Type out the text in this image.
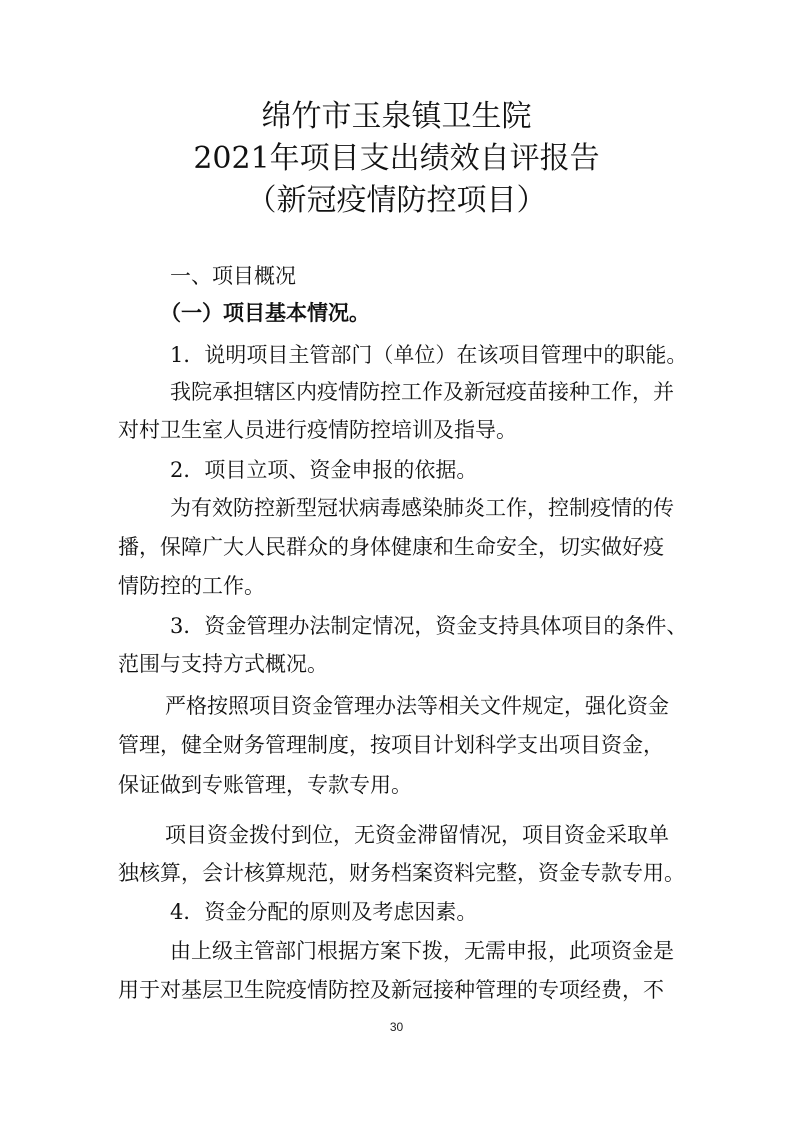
绵竹市玉泉镇卫生院
2021年项目支出绩效自评报告
（新冠疫情防控项目）
一、项目概况
（一）项目基本情况。
1．说明项目主管部门（单位）在该项目管理中的职能。
我院承担辖区内疫情防控工作及新冠疫苗接种工作，并
对村卫生室人员进行疫情防控培训及指导。
2．项目立项、资金申报的依据。
为有效防控新型冠状病毒感染肺炎工作，控制疫情的传
播，保障广大人民群众的身体健康和生命安全，切实做好疫
情防控的工作。
3．资金管理办法制定情况，资金支持具体项目的条件、
范围与支持方式概况。
严格按照项目资金管理办法等相关文件规定，强化资金
管理，健全财务管理制度，按项目计划科学支出项目资金，
保证做到专账管理，专款专用。
项目资金拨付到位，无资金滞留情况，项目资金采取单
独核算，会计核算规范，财务档案资料完整，资金专款专用。
4．资金分配的原则及考虑因素。
由上级主管部门根据方案下拨，无需申报，此项资金是
用于对基层卫生院疫情防控及新冠接种管理的专项经费，不
30
